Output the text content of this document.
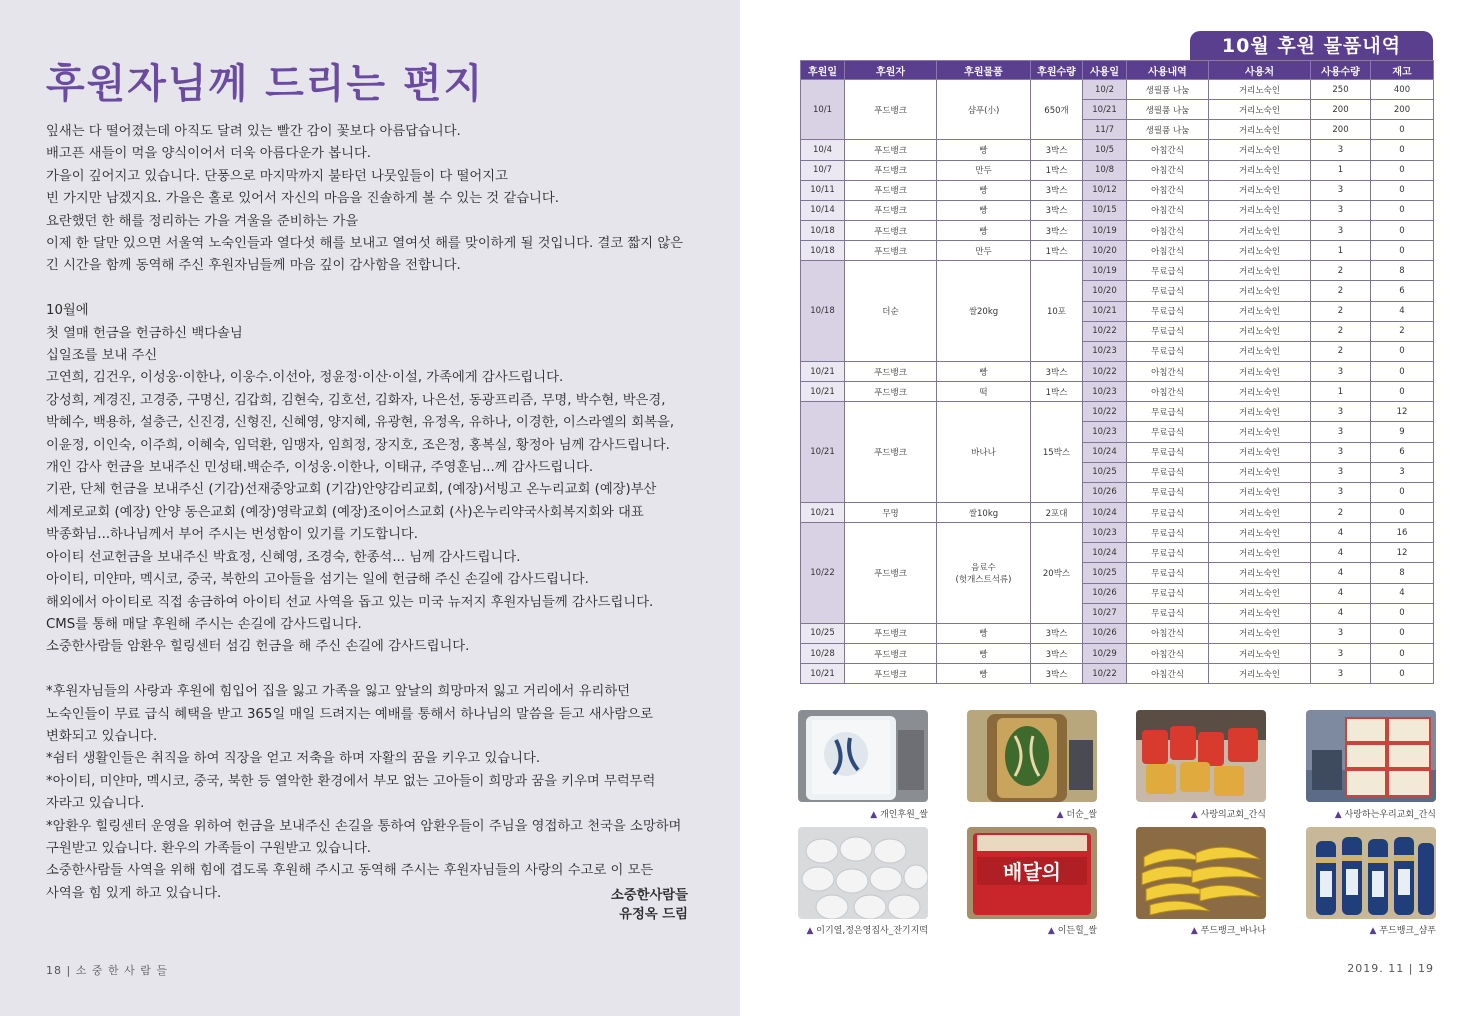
후원자님께 드리는 편지

잎새는 다 떨어졌는데 아직도 달려 있는 빨간 감이 꽃보다 아름답습니다.

배고픈 새들이 먹을 양식이어서 더욱 아름다운가 봅니다.

가을이 깊어지고 있습니다. 단풍으로 마지막까지 불타던 나뭇잎들이 다 떨어지고

빈 가지만 남겠지요. 가을은 홀로 있어서 자신의 마음을 진솔하게 볼 수 있는 것 같습니다.

요란했던 한 해를 정리하는 가을 겨울을 준비하는 가을

이제 한 달만 있으면 서울역 노숙인들과 열다섯 해를 보내고 열여섯 해를 맞이하게 될 것입니다. 결코 짧지 않은 긴 시간을 함께 동역해 주신 후원자님들께 마음 깊이 감사함을 전합니다.

10월에

첫 열매 헌금을 헌금하신 백다솔님

십일조를 보내 주신

고연희, 김건우, 이성웅·이한나, 이웅수.이선아, 정윤정·이산·이설, 가족에게 감사드립니다.

강성희, 계경진, 고경중, 구명신, 김갑희, 김현숙, 김호선, 김화자, 나은선, 동광프리즘, 무명, 박수현, 박은경, 박혜수, 백용하, 설충근, 신진경, 신형진, 신혜영, 양지혜, 유광현, 유정옥, 유하나, 이경한, 이스라엘의 회복을, 이윤정, 이인숙, 이주희, 이혜숙, 임덕환, 임맹자, 임희정, 장지호, 조은정, 홍복실, 황정아 님께 감사드립니다.

개인 감사 헌금을 보내주신 민성태.백순주, 이성웅.이한나, 이태규, 주영훈님...께 감사드립니다.

기관, 단체 헌금을 보내주신 (기감)선재중앙교회 (기감)안양감리교회, (예장)서빙고 온누리교회 (예장)부산 세계로교회 (예장) 안양 동은교회 (예장)영락교회 (예장)조이어스교회 (사)온누리약국사회복지회와 대표 박종화님...하나님께서 부어 주시는 번성함이 있기를 기도합니다.

아이티 선교헌금을 보내주신 박효정, 신혜영, 조경숙, 한종석... 님께 감사드립니다.

아이티, 미얀마, 멕시코, 중국, 북한의 고아들을 섬기는 일에 헌금해 주신 손길에 감사드립니다.

해외에서 아이티로 직접 송금하여 아이티 선교 사역을 돕고 있는 미국 뉴저지 후원자님들께 감사드립니다.

CMS를 통해 매달 후원해 주시는 손길에 감사드립니다.

소중한사람들 암환우 힐링센터 섬김 헌금을 해 주신 손길에 감사드립니다.

*후원자님들의 사랑과 후원에 힘입어 집을 잃고 가족을 잃고 앞날의 희망마저 잃고 거리에서 유리하던 노숙인들이 무료 급식 혜택을 받고 365일 매일 드려지는 예배를 통해서 하나님의 말씀을 듣고 새사람으로 변화되고 있습니다.

*쉼터 생활인들은 취직을 하여 직장을 얻고 저축을 하며 자활의 꿈을 키우고 있습니다.

*아이티, 미얀마, 멕시코, 중국, 북한 등 열악한 환경에서 부모 없는 고아들이 희망과 꿈을 키우며 무럭무럭 자라고 있습니다.

*암환우 힐링센터 운영을 위하여 헌금을 보내주신 손길을 통하여 암환우들이 주님을 영접하고 천국을 소망하며 구원받고 있습니다. 환우의 가족들이 구원받고 있습니다.

소중한사람들 사역을 위해 힘에 겹도록 후원해 주시고 동역해 주시는 후원자님들의 사랑의 수고로 이 모든 사역을 힘 있게 하고 있습니다.	소중한사람들
유정옥 드림
18 | 소 중 한 사 람 들
10월 후원 물품내역
후원일	후원자	후원물품	후원수량	사용일	사용내역	사용처	사용수량	재고
10/1	푸드뱅크	샴푸(小)	650개	10/2	생필품 나눔	거리노숙인	250	400
				10/21	생필품 나눔	거리노숙인	200	200
				11/7	생필품 나눔	거리노숙인	200	0
10/4	푸드뱅크	빵	3박스	10/5	아침간식	거리노숙인	3	0
10/7	푸드뱅크	만두	1박스	10/8	아침간식	거리노숙인	1	0
10/11	푸드뱅크	빵	3박스	10/12	아침간식	거리노숙인	3	0
10/14	푸드뱅크	빵	3박스	10/15	아침간식	거리노숙인	3	0
10/18	푸드뱅크	빵	3박스	10/19	아침간식	거리노숙인	3	0
10/18	푸드뱅크	만두	1박스	10/20	아침간식	거리노숙인	1	0
10/18	더순	쌀20kg	10포	10/19	무료급식	거리노숙인	2	8
				10/20	무료급식	거리노숙인	2	6
				10/21	무료급식	거리노숙인	2	4
				10/22	무료급식	거리노숙인	2	2
				10/23	무료급식	거리노숙인	2	0
10/21	푸드뱅크	빵	3박스	10/22	아침간식	거리노숙인	3	0
10/21	푸드뱅크	떡	1박스	10/23	아침간식	거리노숙인	1	0
10/21	푸드뱅크	바나나	15박스	10/22	무료급식	거리노숙인	3	12
				10/23	무료급식	거리노숙인	3	9
				10/24	무료급식	거리노숙인	3	6
				10/25	무료급식	거리노숙인	3	3
				10/26	무료급식	거리노숙인	3	0
10/21	무명	쌀10kg	2포대	10/24	무료급식	거리노숙인	2	0
10/22	푸드뱅크	음료수
(헛개스트석류)	20박스	10/23	무료급식	거리노숙인	4	16
				10/24	무료급식	거리노숙인	4	12
				10/25	무료급식	거리노숙인	4	8
				10/26	무료급식	거리노숙인	4	4
				10/27	무료급식	거리노숙인	4	0
10/25	푸드뱅크	빵	3박스	10/26	아침간식	거리노숙인	3	0
10/28	푸드뱅크	빵	3박스	10/29	아침간식	거리노숙인	3	0
10/21	푸드뱅크	빵	3박스	10/22	아침간식	거리노숙인	3	0
▲ 개인후원_쌀	▲ 더순_쌀	▲ 사랑의교회_간식	▲ 사랑하는우리교회_간식
▲ 이기열,정은영집사_잔기지떡
배달의
▲ 이든힐_쌀	▲ 푸드뱅크_바나나	▲ 푸드뱅크_샴푸
2019. 11 | 19
